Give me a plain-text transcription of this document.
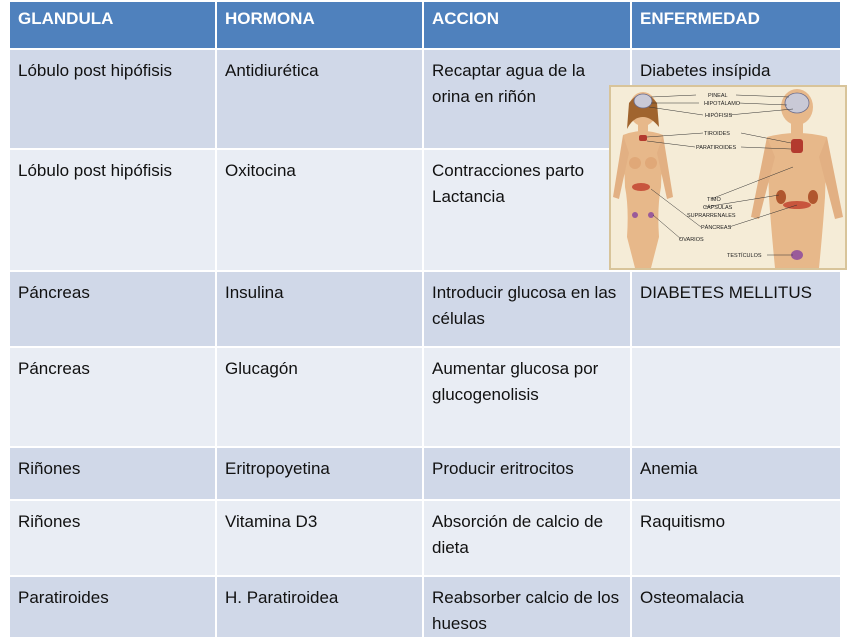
GLANDULA	HORMONA	ACCION	ENFERMEDAD
Lóbulo post hipófisis	Antidiurética	Recaptar agua de la orina en riñón	Diabetes insípida
Lóbulo post hipófisis	Oxitocina	Contracciones parto Lactancia	
Páncreas	Insulina	Introducir glucosa en las células	DIABETES MELLITUS
Páncreas	Glucagón	Aumentar glucosa por glucogenolisis	
Riñones	Eritropoyetina	Producir eritrocitos	Anemia
Riñones	Vitamina D3	Absorción de calcio de dieta	Raquitismo
Paratiroides	H. Paratiroidea	Reabsorber calcio de los huesos	Osteomalacia
PINEAL
HIPOTÁLAMO
HIPÓFISIS
TIROIDES
PARATIROIDES
TIMO
CÁPSULAS
SUPRARRENALES
PÁNCREAS
OVARIOS
TESTÍCULOS
